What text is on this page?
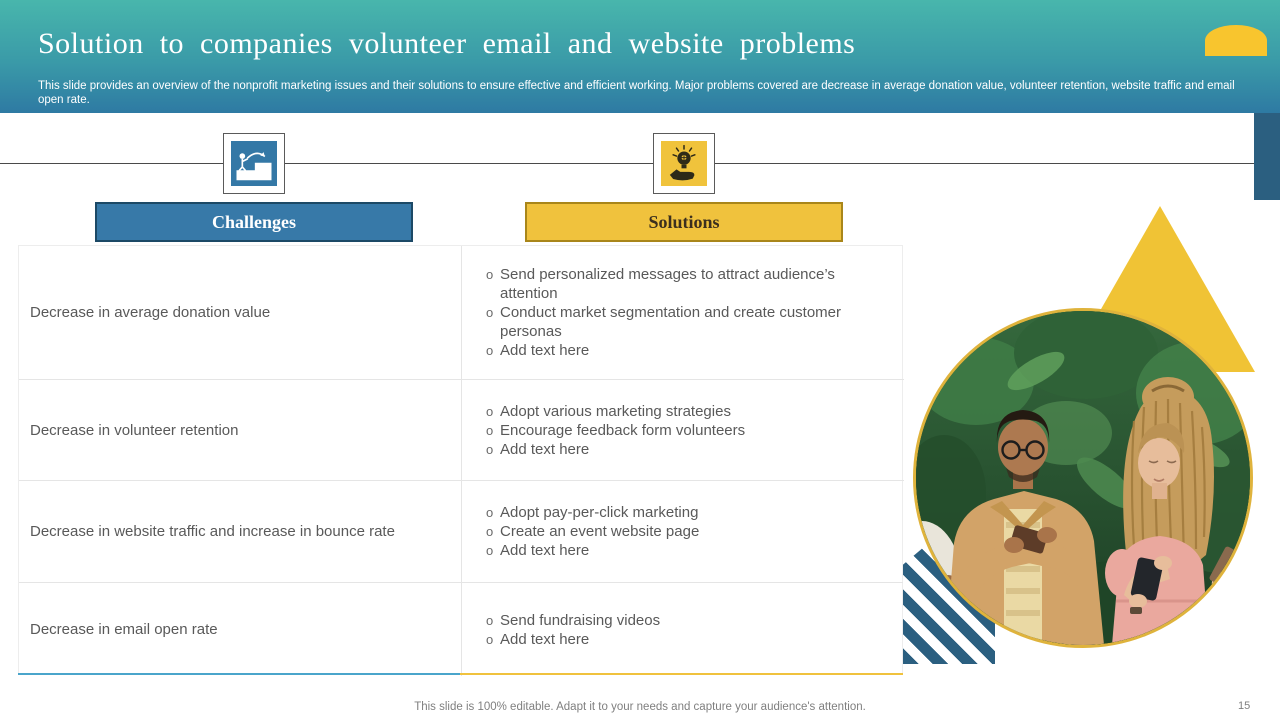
Solution to companies volunteer email and website problems
This slide provides an overview of the nonprofit marketing issues and their solutions to ensure effective and efficient working. Major problems covered are decrease in average donation value, volunteer retention, website traffic and email open rate.
Challenges	Solutions
Decrease in average donation value
o Send personalized messages to attract audience’s attention
o Conduct market segmentation and create customer personas
o Add text here
Decrease in volunteer retention
o Adopt various marketing strategies
o Encourage feedback form volunteers
o Add text here
Decrease in website traffic and increase in bounce rate
o Adopt pay-per-click marketing
o Create an event website page
o Add text here
Decrease in email open rate
o Send fundraising videos
o Add text here
This slide is 100% editable. Adapt it to your needs and capture your audience's attention.	15
